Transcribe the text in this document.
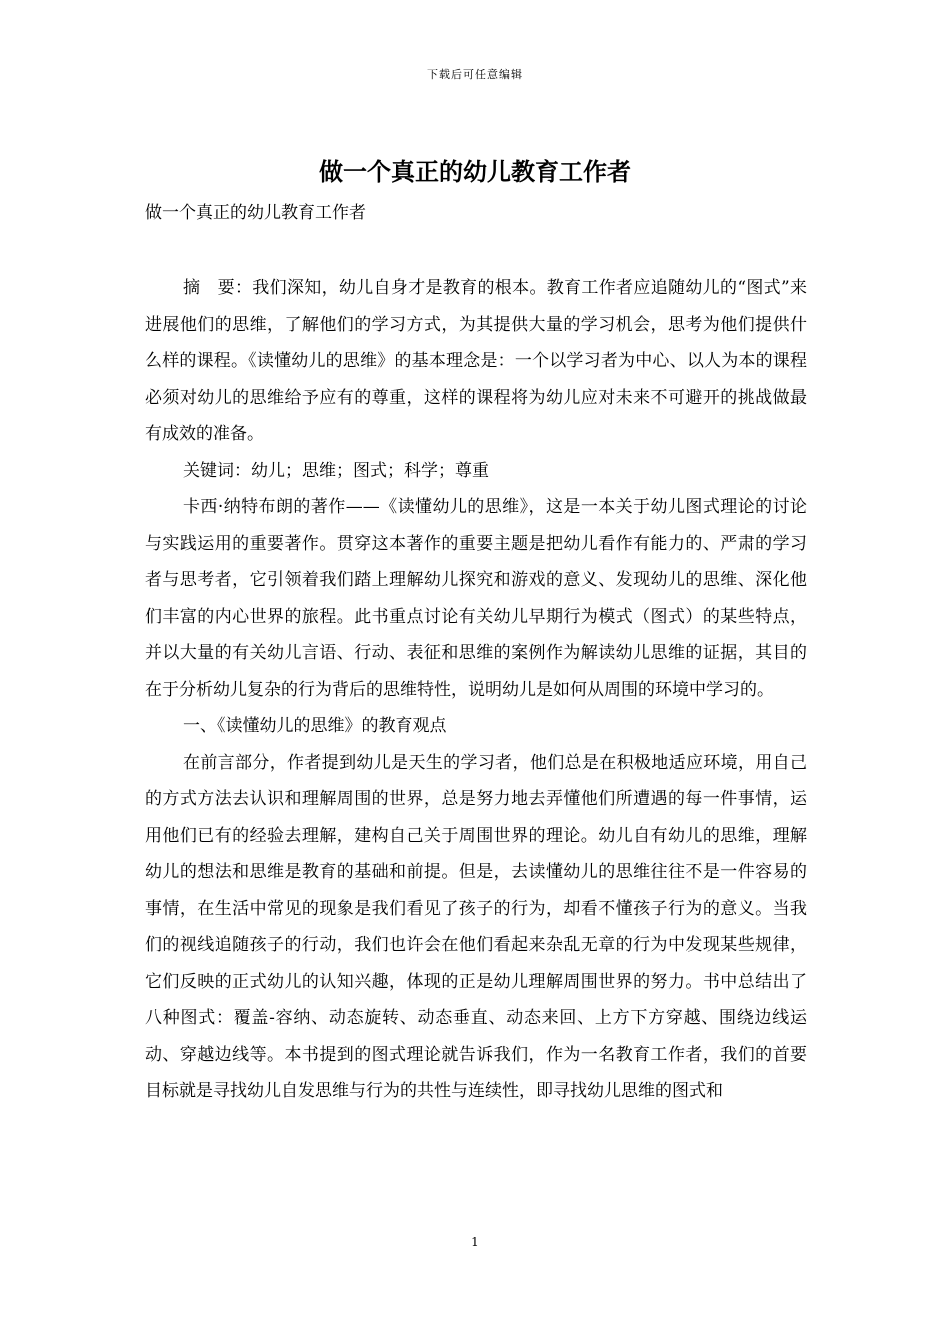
下载后可任意编辑
做一个真正的幼儿教育工作者
做一个真正的幼儿教育工作者

摘　要：我们深知，幼儿自身才是教育的根本。教育工作者应追随幼儿的“图式”来进展他们的思维，了解他们的学习方式，为其提供大量的学习机会，思考为他们提供什么样的课程。《读懂幼儿的思维》的基本理念是：一个以学习者为中心、以人为本的课程必须对幼儿的思维给予应有的尊重，这样的课程将为幼儿应对未来不可避开的挑战做最有成效的准备。

关键词：幼儿；思维；图式；科学；尊重

卡西·纳特布朗的著作——《读懂幼儿的思维》，这是一本关于幼儿图式理论的讨论与实践运用的重要著作。贯穿这本著作的重要主题是把幼儿看作有能力的、严肃的学习者与思考者，它引领着我们踏上理解幼儿探究和游戏的意义、发现幼儿的思维、深化他们丰富的内心世界的旅程。此书重点讨论有关幼儿早期行为模式（图式）的某些特点，并以大量的有关幼儿言语、行动、表征和思维的案例作为解读幼儿思维的证据，其目的在于分析幼儿复杂的行为背后的思维特性，说明幼儿是如何从周围的环境中学习的。

一、《读懂幼儿的思维》的教育观点

在前言部分，作者提到幼儿是天生的学习者，他们总是在积极地适应环境，用自己的方式方法去认识和理解周围的世界，总是努力地去弄懂他们所遭遇的每一件事情，运用他们已有的经验去理解，建构自己关于周围世界的理论。幼儿自有幼儿的思维，理解幼儿的想法和思维是教育的基础和前提。但是，去读懂幼儿的思维往往不是一件容易的事情，在生活中常见的现象是我们看见了孩子的行为，却看不懂孩子行为的意义。当我们的视线追随孩子的行动，我们也许会在他们看起来杂乱无章的行为中发现某些规律，它们反映的正式幼儿的认知兴趣，体现的正是幼儿理解周围世界的努力。书中总结出了八种图式：覆盖-容纳、动态旋转、动态垂直、动态来回、上方下方穿越、围绕边线运动、穿越边线等。本书提到的图式理论就告诉我们，作为一名教育工作者，我们的首要目标就是寻找幼儿自发思维与行为的共性与连续性，即寻找幼儿思维的图式和

1
